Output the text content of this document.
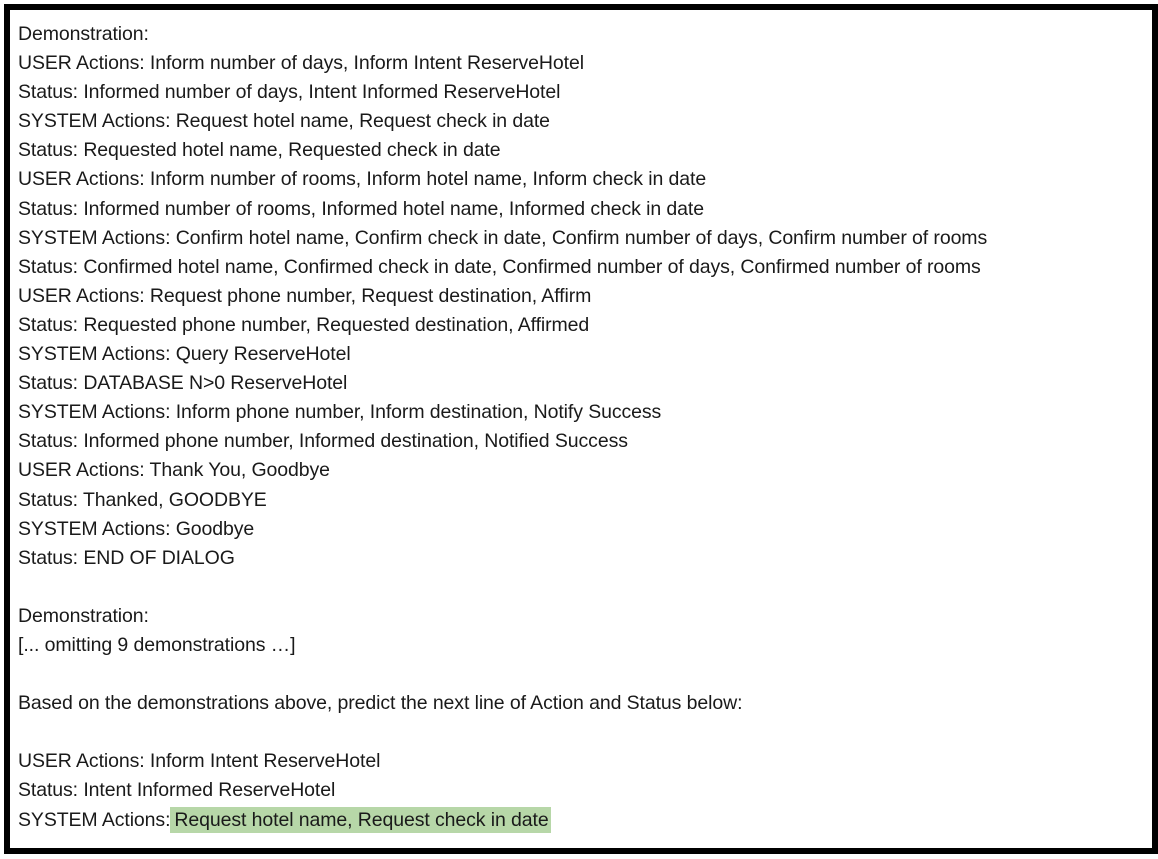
Demonstration:
USER Actions: Inform number of days, Inform Intent ReserveHotel
Status: Informed number of days, Intent Informed ReserveHotel
SYSTEM Actions: Request hotel name, Request check in date
Status: Requested hotel name, Requested check in date
USER Actions: Inform number of rooms, Inform hotel name, Inform check in date
Status: Informed number of rooms, Informed hotel name, Informed check in date
SYSTEM Actions: Confirm hotel name, Confirm check in date, Confirm number of days, Confirm number of rooms
Status: Confirmed hotel name, Confirmed check in date, Confirmed number of days, Confirmed number of rooms
USER Actions: Request phone number, Request destination, Affirm
Status: Requested phone number, Requested destination, Affirmed
SYSTEM Actions: Query ReserveHotel
Status: DATABASE N>0 ReserveHotel
SYSTEM Actions: Inform phone number, Inform destination, Notify Success
Status: Informed phone number, Informed destination, Notified Success
USER Actions: Thank You, Goodbye
Status: Thanked, GOODBYE
SYSTEM Actions: Goodbye
Status: END OF DIALOG
Demonstration:
[... omitting 9 demonstrations …]
Based on the demonstrations above, predict the next line of Action and Status below:
USER Actions: Inform Intent ReserveHotel
Status: Intent Informed ReserveHotel
SYSTEM Actions: Request hotel name, Request check in date
